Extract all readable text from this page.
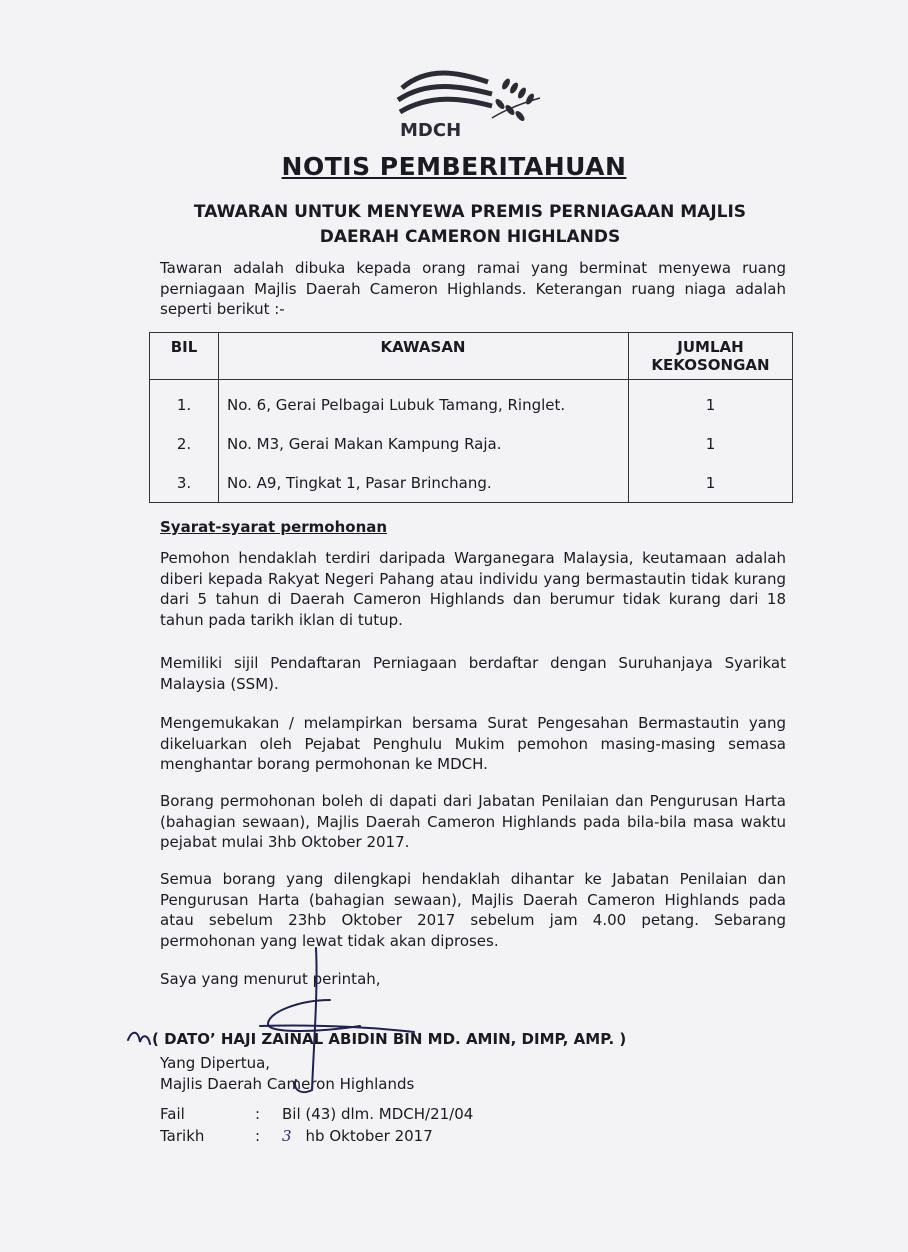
MDCH
NOTIS PEMBERITAHUAN
TAWARAN UNTUK MENYEWA PREMIS PERNIAGAAN MAJLIS
DAERAH CAMERON HIGHLANDS
Tawaran adalah dibuka kepada orang ramai yang berminat menyewa ruang perniagaan Majlis Daerah Cameron Highlands. Keterangan ruang niaga adalah seperti berikut :-
BIL	KAWASAN	JUMLAH
KEKOSONGAN

1.	No. 6, Gerai Pelbagai Lubuk Tamang, Ringlet.	1
2.	No. M3, Gerai Makan Kampung Raja.	1
3.	No. A9, Tingkat 1, Pasar Brinchang.	1
Syarat-syarat permohonan
Pemohon hendaklah terdiri daripada Warganegara Malaysia, keutamaan adalah diberi kepada Rakyat Negeri Pahang atau individu yang bermastautin tidak kurang dari 5 tahun di Daerah Cameron Highlands dan berumur tidak kurang dari 18 tahun pada tarikh iklan di tutup.
Memiliki sijil Pendaftaran Perniagaan berdaftar dengan Suruhanjaya Syarikat Malaysia (SSM).
Mengemukakan / melampirkan bersama Surat Pengesahan Bermastautin yang dikeluarkan oleh Pejabat Penghulu Mukim pemohon masing-masing semasa menghantar borang permohonan ke MDCH.
Borang permohonan boleh di dapati dari Jabatan Penilaian dan Pengurusan Harta (bahagian sewaan), Majlis Daerah Cameron Highlands pada bila-bila masa waktu pejabat mulai 3hb Oktober 2017.
Semua borang yang dilengkapi hendaklah dihantar ke Jabatan Penilaian dan Pengurusan Harta (bahagian sewaan), Majlis Daerah Cameron Highlands pada atau sebelum 23hb Oktober 2017 sebelum jam 4.00 petang. Sebarang permohonan yang lewat tidak akan diproses.
Saya yang menurut perintah,
( DATO’ HAJI ZAINAL ABIDIN BIN MD. AMIN, DIMP, AMP. )
Yang Dipertua,
Majlis Daerah Cameron Highlands
Fail	: Bil (43) dlm. MDCH/21/04
Tarikh	: 3 hb Oktober 2017
